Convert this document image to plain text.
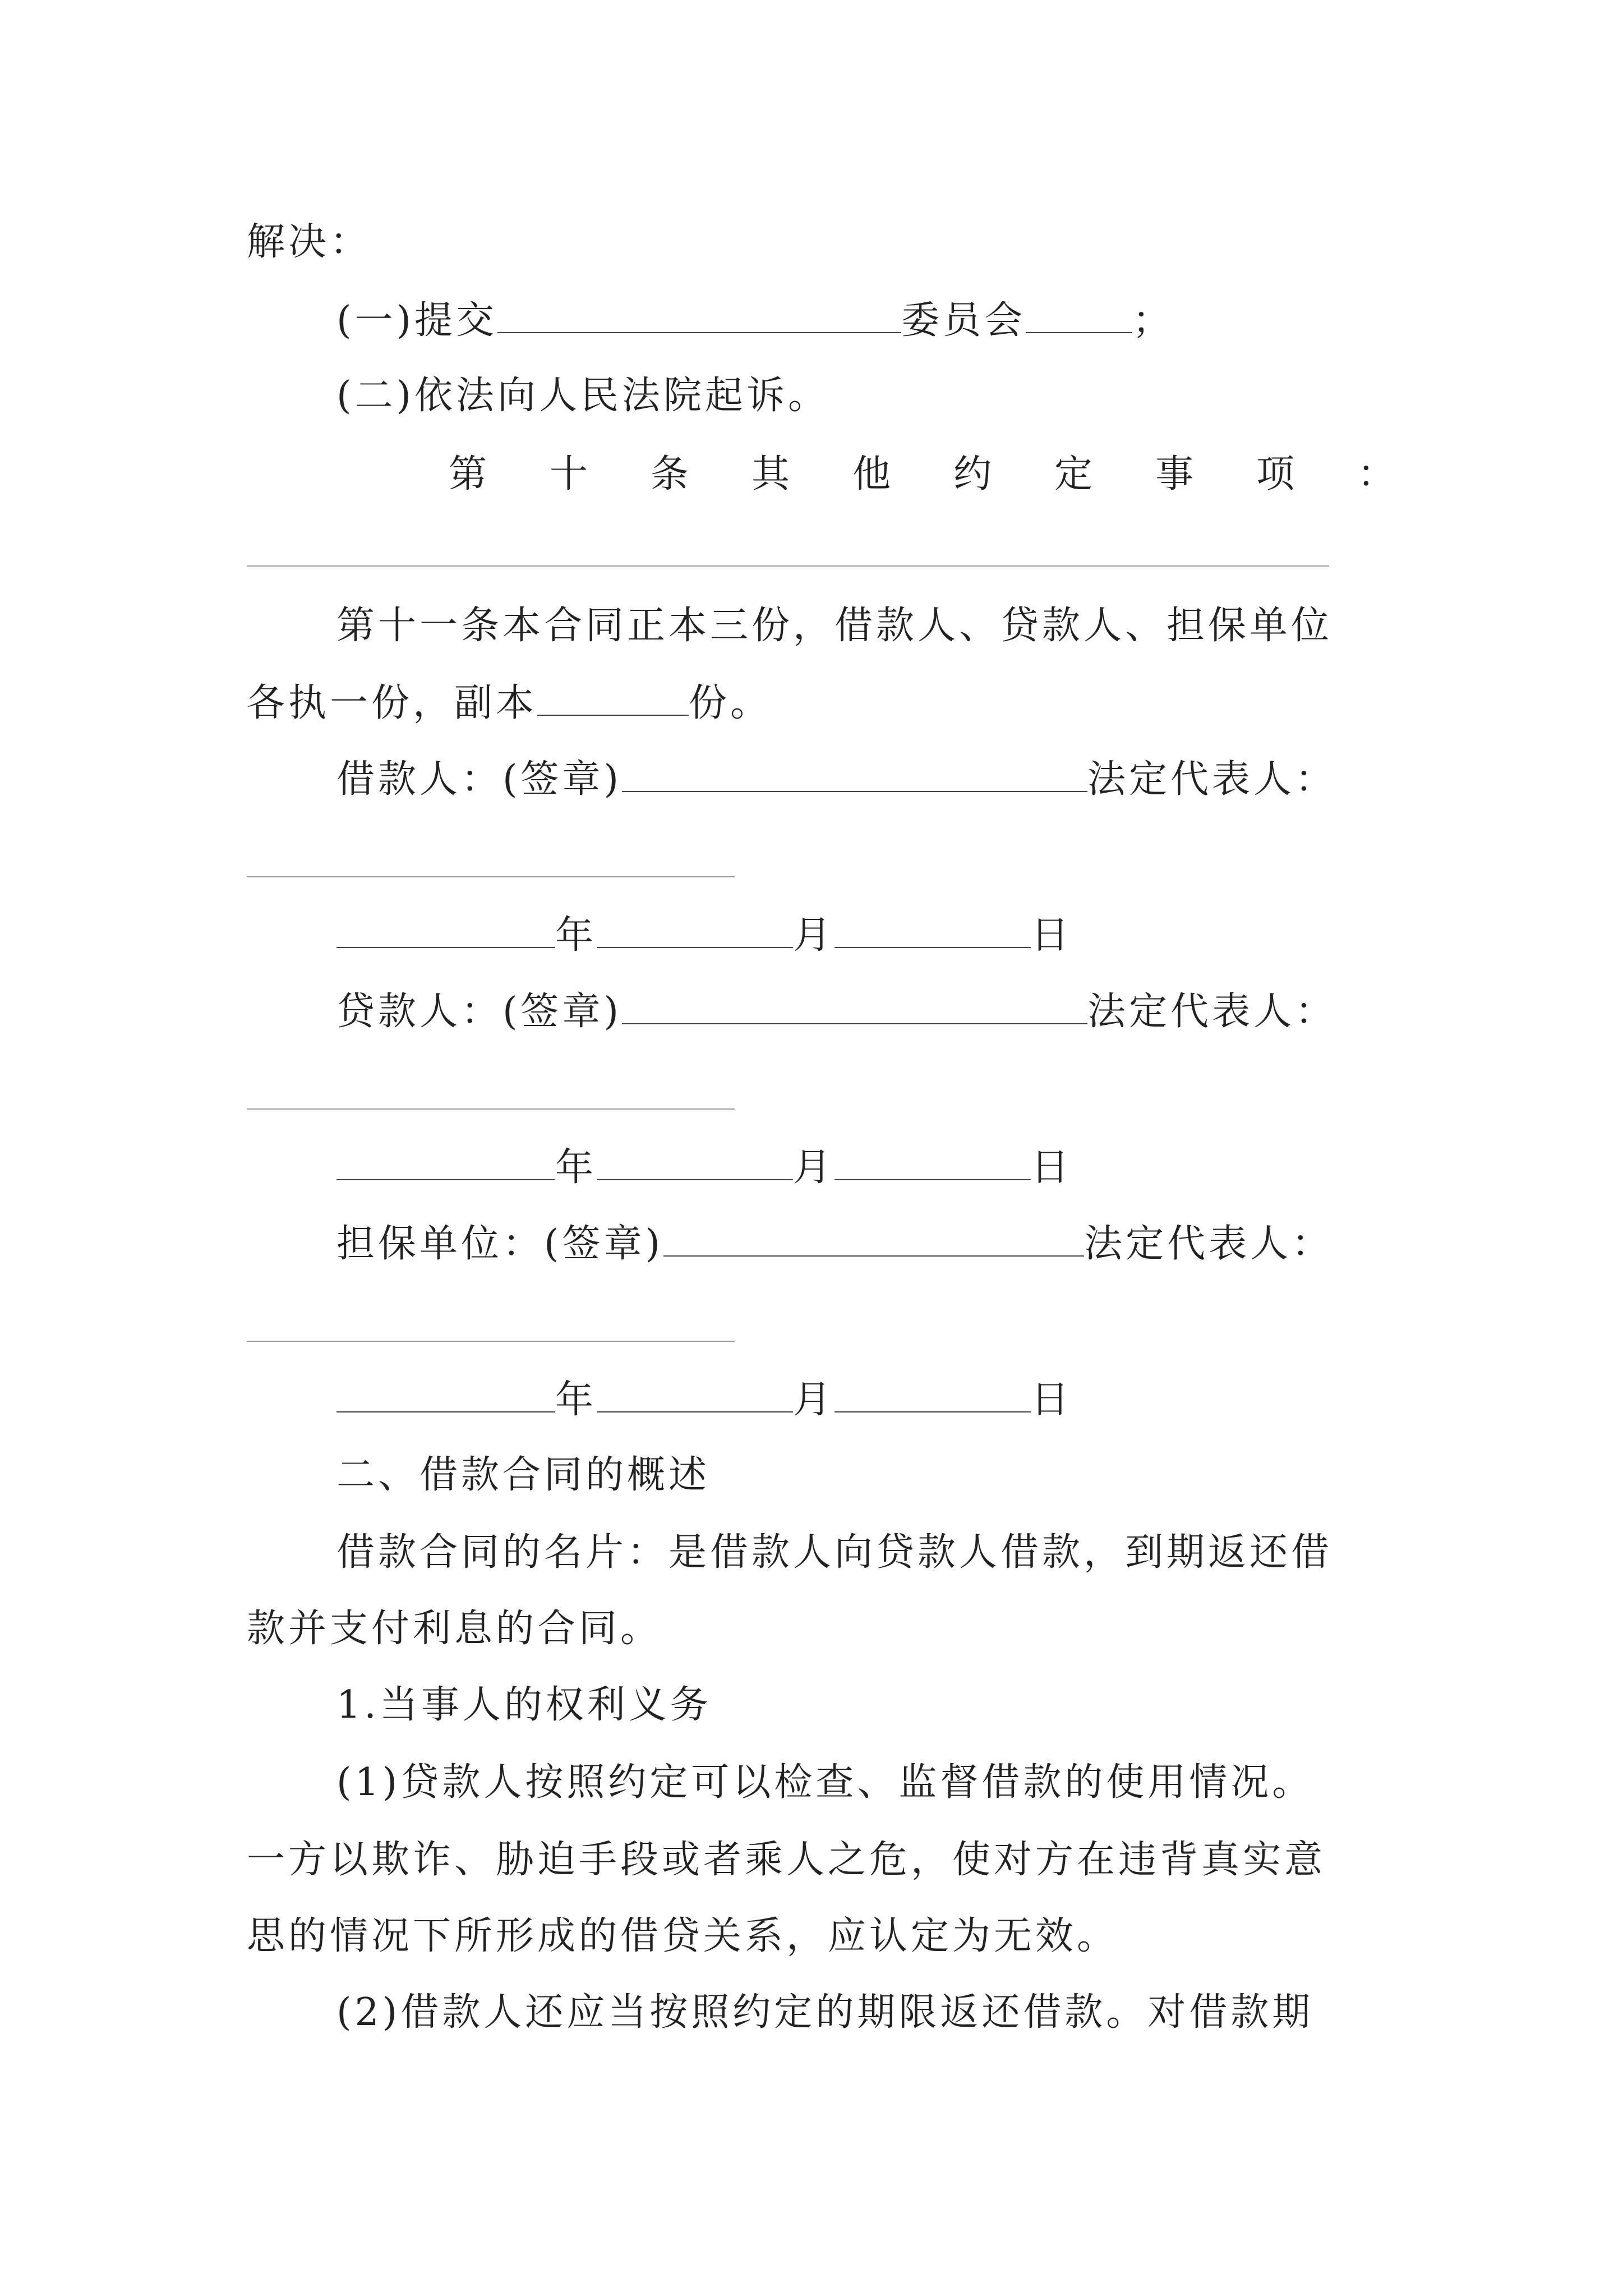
解决：
(一)提交	委员会	；
(二)依法向人民法院起诉。
第 十 条 其 他 约 定 事 项 ：
第十一条本合同正本三份，借款人、贷款人、担保单位
各执一份，副本	份。
借款人：(签章)	法定代表人：
年	月	日
贷款人：(签章)	法定代表人：
年	月	日
担保单位：(签章)	法定代表人：
年	月	日
二、借款合同的概述
借款合同的名片：是借款人向贷款人借款，到期返还借
款并支付利息的合同。
1.当事人的权利义务
(1)贷款人按照约定可以检查、监督借款的使用情况。
一方以欺诈、胁迫手段或者乘人之危，使对方在违背真实意
思的情况下所形成的借贷关系，应认定为无效。
(2)借款人还应当按照约定的期限返还借款。对借款期
